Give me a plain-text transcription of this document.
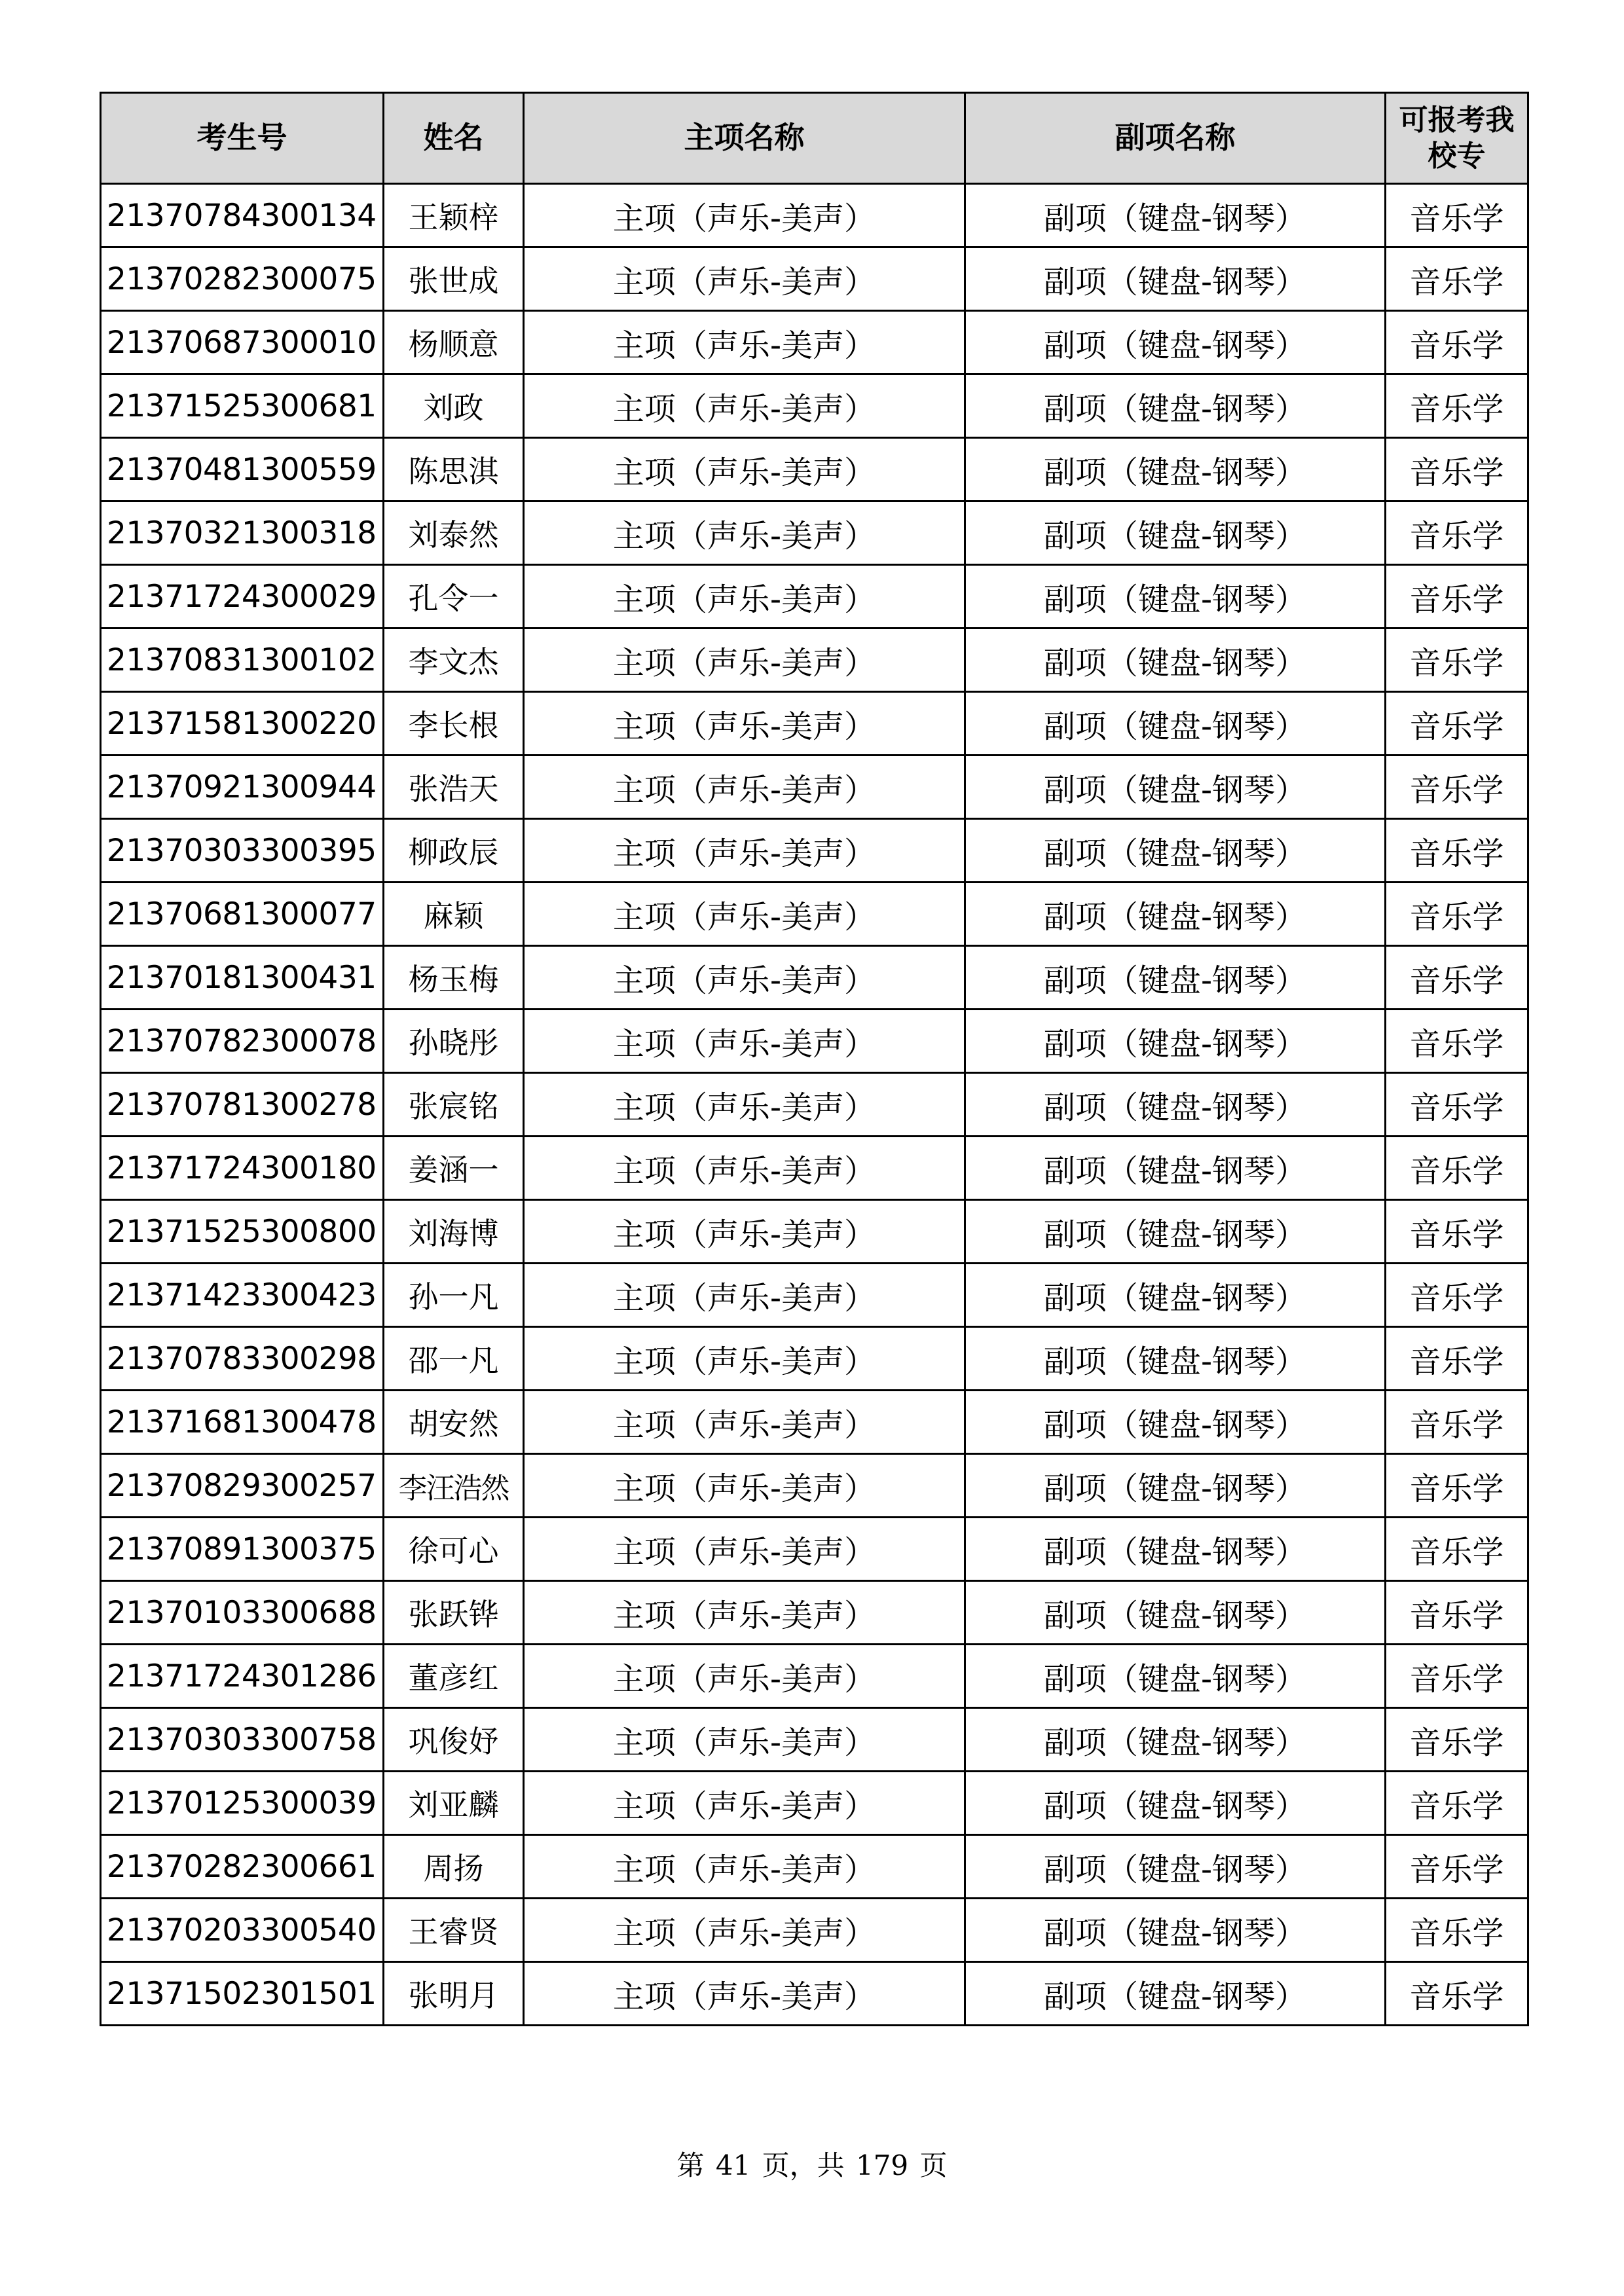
考生号	姓名	主项名称	副项名称	可报考我校专
21370784300134	王颖梓	主项（声乐-美声）	副项（键盘-钢琴）	音乐学
21370282300075	张世成	主项（声乐-美声）	副项（键盘-钢琴）	音乐学
21370687300010	杨顺意	主项（声乐-美声）	副项（键盘-钢琴）	音乐学
21371525300681	刘政	主项（声乐-美声）	副项（键盘-钢琴）	音乐学
21370481300559	陈思淇	主项（声乐-美声）	副项（键盘-钢琴）	音乐学
21370321300318	刘泰然	主项（声乐-美声）	副项（键盘-钢琴）	音乐学
21371724300029	孔令一	主项（声乐-美声）	副项（键盘-钢琴）	音乐学
21370831300102	李文杰	主项（声乐-美声）	副项（键盘-钢琴）	音乐学
21371581300220	李长根	主项（声乐-美声）	副项（键盘-钢琴）	音乐学
21370921300944	张浩天	主项（声乐-美声）	副项（键盘-钢琴）	音乐学
21370303300395	柳政辰	主项（声乐-美声）	副项（键盘-钢琴）	音乐学
21370681300077	麻颖	主项（声乐-美声）	副项（键盘-钢琴）	音乐学
21370181300431	杨玉梅	主项（声乐-美声）	副项（键盘-钢琴）	音乐学
21370782300078	孙晓彤	主项（声乐-美声）	副项（键盘-钢琴）	音乐学
21370781300278	张宸铭	主项（声乐-美声）	副项（键盘-钢琴）	音乐学
21371724300180	姜涵一	主项（声乐-美声）	副项（键盘-钢琴）	音乐学
21371525300800	刘海博	主项（声乐-美声）	副项（键盘-钢琴）	音乐学
21371423300423	孙一凡	主项（声乐-美声）	副项（键盘-钢琴）	音乐学
21370783300298	邵一凡	主项（声乐-美声）	副项（键盘-钢琴）	音乐学
21371681300478	胡安然	主项（声乐-美声）	副项（键盘-钢琴）	音乐学
21370829300257	李汪浩然	主项（声乐-美声）	副项（键盘-钢琴）	音乐学
21370891300375	徐可心	主项（声乐-美声）	副项（键盘-钢琴）	音乐学
21370103300688	张跃铧	主项（声乐-美声）	副项（键盘-钢琴）	音乐学
21371724301286	董彦红	主项（声乐-美声）	副项（键盘-钢琴）	音乐学
21370303300758	巩俊妤	主项（声乐-美声）	副项（键盘-钢琴）	音乐学
21370125300039	刘亚麟	主项（声乐-美声）	副项（键盘-钢琴）	音乐学
21370282300661	周扬	主项（声乐-美声）	副项（键盘-钢琴）	音乐学
21370203300540	王睿贤	主项（声乐-美声）	副项（键盘-钢琴）	音乐学
21371502301501	张明月	主项（声乐-美声）	副项（键盘-钢琴）	音乐学
第 41 页，共 179 页
